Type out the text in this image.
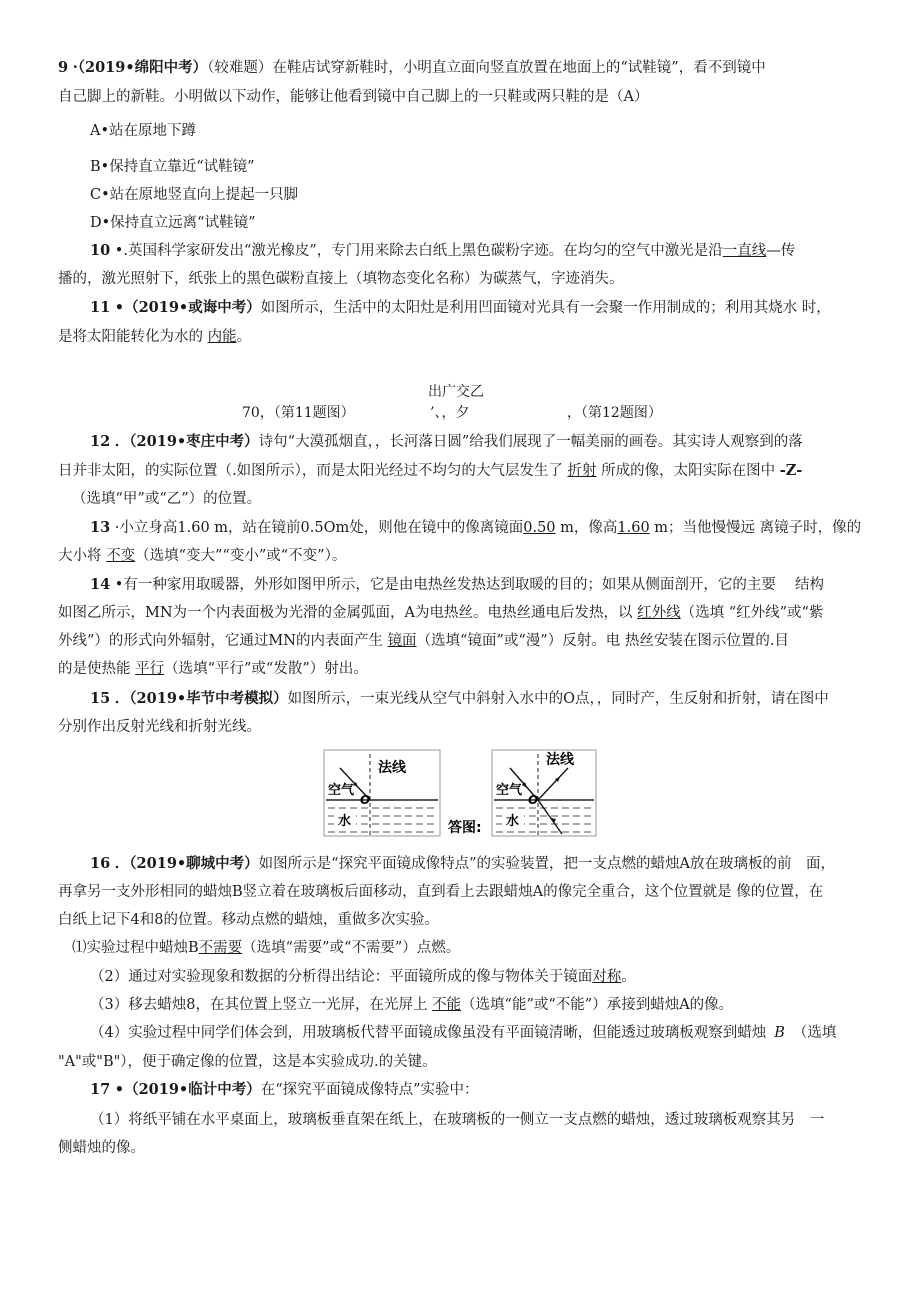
9 ·（2019•绵阳中考）（较难题）在鞋店试穿新鞋时，小明直立面向竖直放置在地面上的“试鞋镜”，看不到镜中
自己脚上的新鞋。小明做以下动作，能够让他看到镜中自己脚上的一只鞋或两只鞋的是（A）
A•站在原地下蹲
B•保持直立靠近“试鞋镜”
C•站在原地竖直向上提起一只脚
D•保持直立远离“试鞋镜”
10 •.英国科学家研发出“激光橡皮”，专门用来除去白纸上黑色碳粉字迹。在均匀的空气中激光是沿一直线—传
播的，激光照射下，纸张上的黑色碳粉直接上（填物态变化名称）为碳蒸气，字迹消失。
11 •（2019•或诲中考）如图所示，生活中的太阳灶是利用凹面镜对光具有一会聚一作用制成的；利用其烧水 时，
是将太阳能转化为水的 内能。
出广交乙
70，（第11题图）	’、，夕	，（第12题图）
12 ．（2019•枣庄中考）诗句“大漠孤烟直，，长河落日圆”给我们展现了一幅美丽的画卷。其实诗人观察到的落
日并非太阳，的实际位置（.如图所示），而是太阳光经过不均匀的大气层发生了 折射 所成的像，太阳实际在图中 -Z-
（选填“甲”或“乙”）的位置。
13 ·小立身高1.60 m，站在镜前0.5Om处，则他在镜中的像离镜面0.50 m，像高1.60 m；当他慢慢远 离镜子时，像的
大小将 不变（选填“变大”“变小”或“不变”）。
14 •有一种家用取暖器，外形如图甲所示，它是由电热丝发热达到取暖的目的；如果从侧面剖开，它的主要　 结构
如图乙所示，MN为一个内表面极为光滑的金属弧面，A为电热丝。电热丝通电后发热，以 红外线（选填 “红外线”或“紫
外线”）的形式向外辐射，它通过MN的内表面产生 镜面（选填“镜面”或“漫”）反射。电 热丝安装在图示位置的.目
的是使热能 平行（选填“平行”或“发散”）射出。
15 ．（2019•毕节中考模拟）如图所示，一束光线从空气中斜射入水中的O点，，同时产，生反射和折射，请在图中
分别作出反射光线和折射光线。
法线
空气
O
水	答图:
法线
空气
O
水
16 ．（2019•聊城中考）如图所示是“探究平面镜成像特点”的实验装置，把一支点燃的蜡烛A放在玻璃板的前　面，
再拿另一支外形相同的蜡烛B竖立着在玻璃板后面移动，直到看上去跟蜡烛A的像完全重合，这个位置就是 像的位置，在
白纸上记下4和8的位置。移动点燃的蜡烛，重做多次实验。
⑴实验过程中蜡烛B不需要（选填“需要”或“不需要”）点燃。
（2）通过对实验现象和数据的分析得出结论：平面镜所成的像与物体关于镜面对称。
（3）移去蜡烛8，在其位置上竖立一光屏，在光屏上 不能（选填“能”或“不能”）承接到蜡烛A的像。
（4）实验过程中同学们体会到，用玻璃板代替平面镜成像虽没有平面镜清晰，但能透过玻璃板观察到蜡烛 B （选填
"A"或"B"），便于确定像的位置，这是本实验成功.的关键。
17 •（2019•临计中考）在“探究平面镜成像特点”实验中：
（1）将纸平铺在水平桌面上，玻璃板垂直架在纸上，在玻璃板的一侧立一支点燃的蜡烛，透过玻璃板观察其另　一
侧蜡烛的像。
